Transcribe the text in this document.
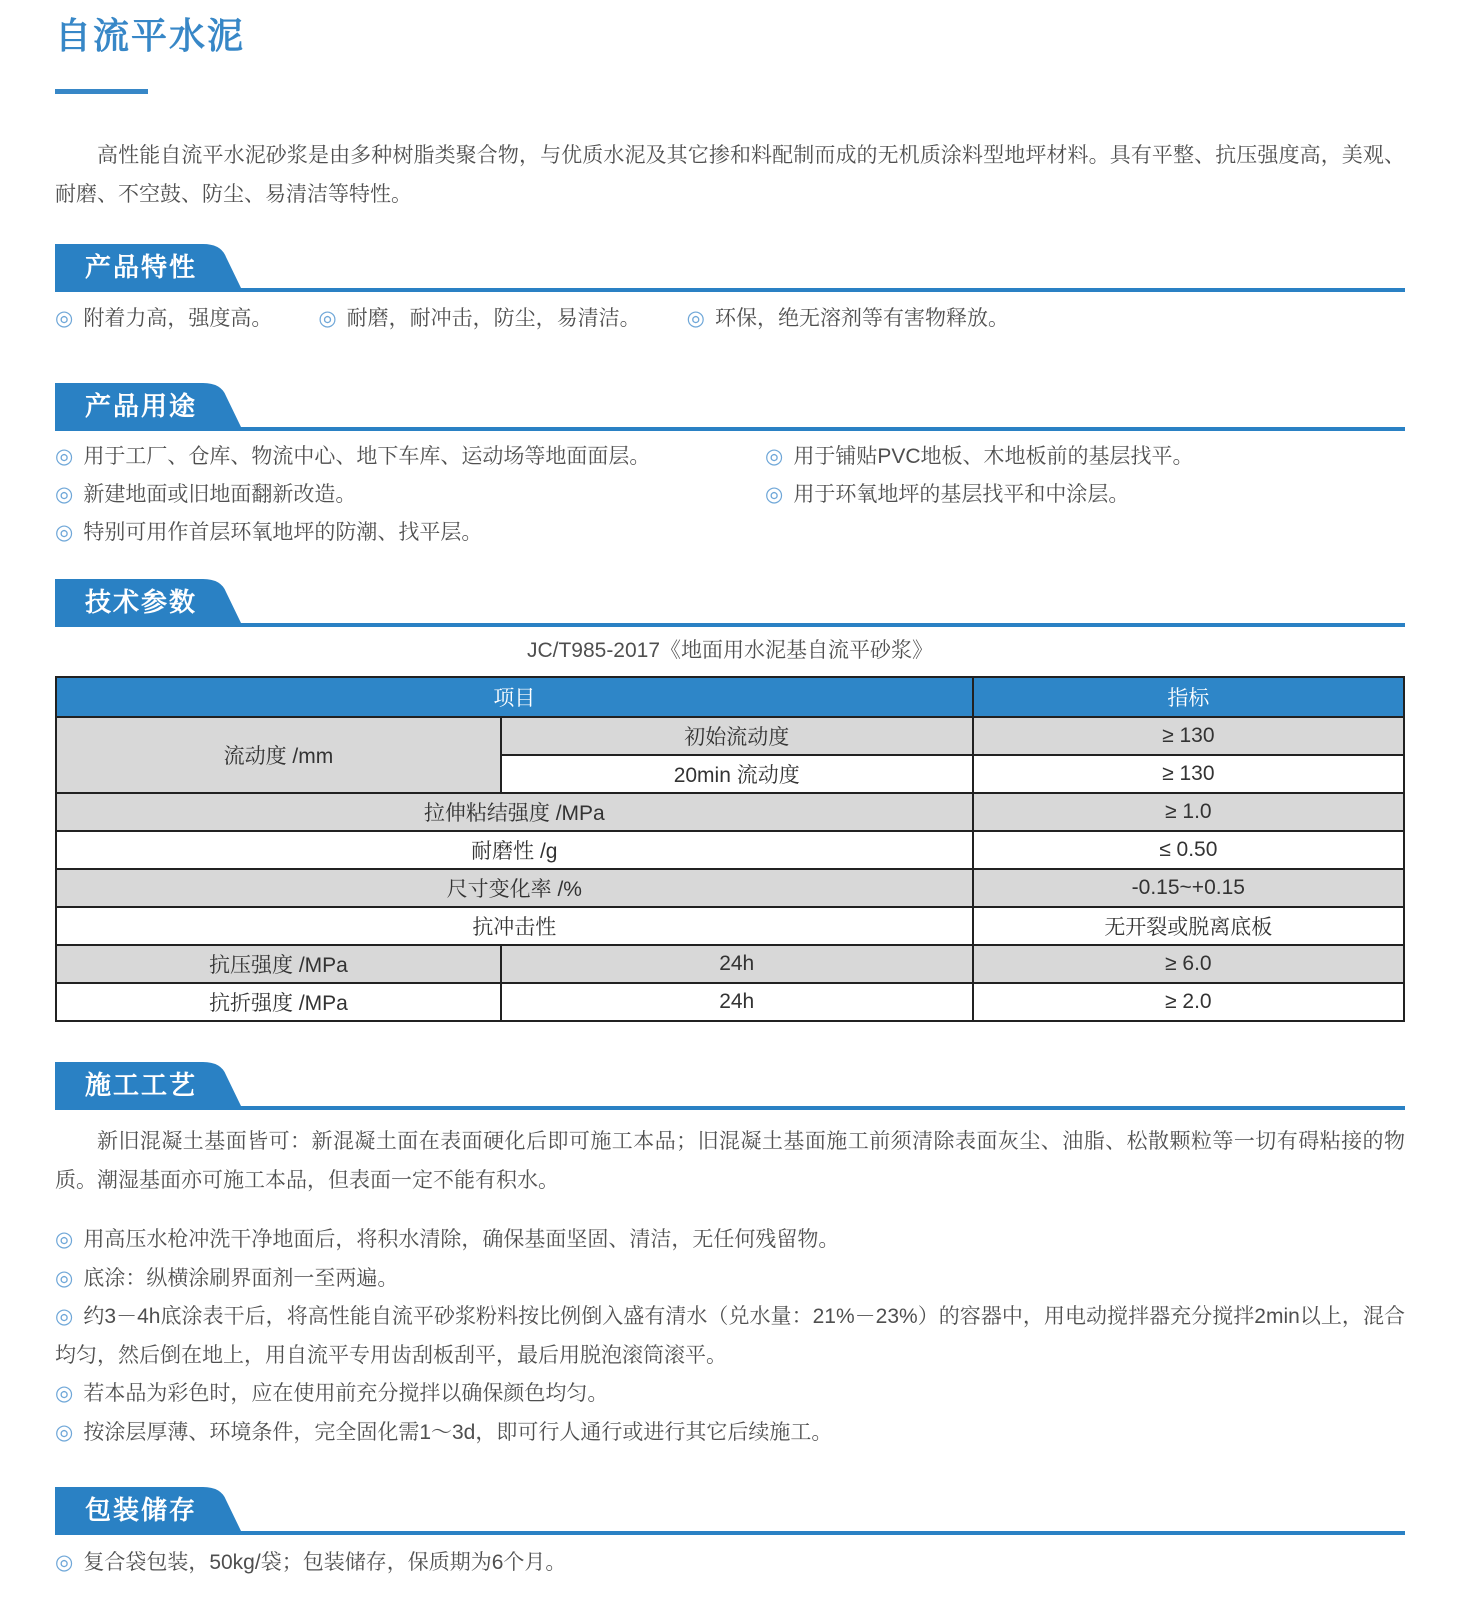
自流平水泥

高性能自流平水泥砂浆是由多种树脂类聚合物，与优质水泥及其它掺和料配制而成的无机质涂料型地坪材料。具有平整、抗压强度高，美观、耐磨、不空鼓、防尘、易清洁等特性。

产品特性
◎ 附着力高，强度高。 ◎ 耐磨，耐冲击，防尘，易清洁。 ◎ 环保，绝无溶剂等有害物释放。
产品用途
◎ 用于工厂、仓库、物流中心、地下车库、运动场等地面面层。
◎ 新建地面或旧地面翻新改造。
◎ 特别可用作首层环氧地坪的防潮、找平层。
◎ 用于铺贴PVC地板、木地板前的基层找平。
◎ 用于环氧地坪的基层找平和中涂层。
技术参数
JC/T985-2017《地面用水泥基自流平砂浆》
项目		指标
流动度 /mm	初始流动度	≥ 130
	20min 流动度	≥ 130
拉伸粘结强度 /MPa		≥ 1.0
耐磨性 /g		≤ 0.50
尺寸变化率 /%		-0.15~+0.15
抗冲击性		无开裂或脱离底板
抗压强度 /MPa	24h	≥ 6.0
抗折强度 /MPa	24h	≥ 2.0
施工工艺

新旧混凝土基面皆可：新混凝土面在表面硬化后即可施工本品；旧混凝土基面施工前须清除表面灰尘、油脂、松散颗粒等一切有碍粘接的物质。潮湿基面亦可施工本品，但表面一定不能有积水。

◎ 用高压水枪冲洗干净地面后，将积水清除，确保基面坚固、清洁，无任何残留物。
◎ 底涂：纵横涂刷界面剂一至两遍。
◎ 约3－4h底涂表干后，将高性能自流平砂浆粉料按比例倒入盛有清水（兑水量：21%－23%）的容器中，用电动搅拌器充分搅拌2min以上，混合均匀，然后倒在地上，用自流平专用齿刮板刮平，最后用脱泡滚筒滚平。
◎ 若本品为彩色时，应在使用前充分搅拌以确保颜色均匀。
◎ 按涂层厚薄、环境条件，完全固化需1～3d，即可行人通行或进行其它后续施工。
包装储存
◎ 复合袋包装，50kg/袋；包装储存，保质期为6个月。
